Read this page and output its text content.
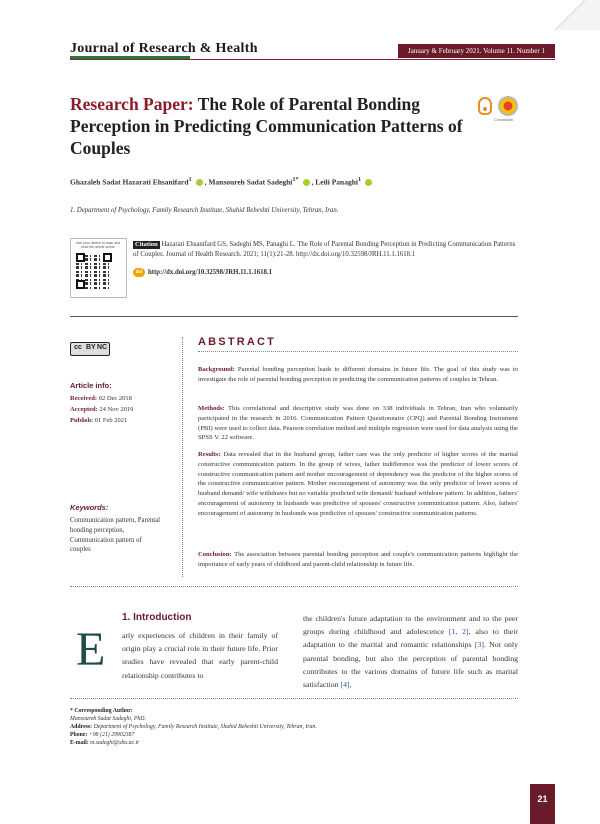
Journal of Research & Health	January & February 2021. Volume 11. Number 1
Research Paper: The Role of Parental Bonding Perception in Predicting Communication Patterns of Couples
CrossMark
Ghazaleh Sadat Hazarati Ehsanifard$^1$ , Mansoureh Sadat Sadeghi$^{1*}$ , Leili Panaghi$^1$
1. Department of Psychology, Family Research Institute, Shahid Beheshti University, Tehran, Iran.
Use your device to scan and read the article online	Citation Hazarati Ehsanifard GS, Sadeghi MS, Panaghi L. The Role of Parental Bonding Perception in Predicting Communication Patterns of Couples. Journal of Health Research. 2021; 11(1):21-28. http://dx.doi.org/10.32598/JRH.11.1.1618.1
doi http://dx.doi.org/10.32598/JRH.11.1.1618.1
cc BY NC
Article info:
Received: 02 Dec 2018
Accepted: 24 Nov 2019
Publish: 01 Feb 2021
Keywords:
Communication pattern, Parental bonding perception, Communication pattern of couples
ABSTRACT
Background: Parental bonding perception leads to different domains in future life. The goal of this study was to investigate the role of parental bonding perception in predicting the communication patterns of couples in Tehran.
Methods: This correlational and descriptive study was done on 338 individuals in Tehran, Iran who voluntarily participated in the research in 2016. Communication Pattern Questionnaire (CPQ) and Parental Bonding Instrument (PBI) were used to collect data. Pearson correlation method and multiple regression were used for data analysis using the SPSS V. 22 software.
Results: Data revealed that in the husband group, father care was the only predictor of higher scores of the marital constructive communication pattern. In the group of wives, father indifference was the predictor of lower scores of constructive communication pattern and mother encouragement of dependency was the predictor of the higher scores of the constructive communication pattern. Mother encouragement of autonomy was the only predictor of lower scores of husband demand/ wife withdraws but no variable predicted wife demand/ husband withdraw pattern. In addition, fathers' encouragement of autonomy in husbands was predictive of spouses' constructive communication pattern. Also, fathers' encouragement of autonomy in husbands was predictive of spouses' constructive communication patterns.
Conclusion: The association between parental bonding perception and couple's communication patterns highlight the importance of early years of childhood and parent-child relationship in future life.
1. Introduction
E arly experiences of children in their family of origin play a crucial role in their future life. Prior studies have revealed that early parent-child relationship contributes to
the children's future adaptation to the environment and to the peer groups during childhood and adolescence [1, 2], also to their adaptation to the marital and romantic relationships [3]. Not only parental bonding, but also the perception of parental bonding contributes to the various domains of future life such as marital satisfaction [4],
* Corresponding Author:
Mansoureh Sadat Sadeghi, PhD.
Address: Department of Psychology, Family Research Institute, Shahid Beheshti University, Tehran, Iran.
Phone: +98 (21) 29902387
E-mail: m.sadeghi@sbu.ac.ir
21
